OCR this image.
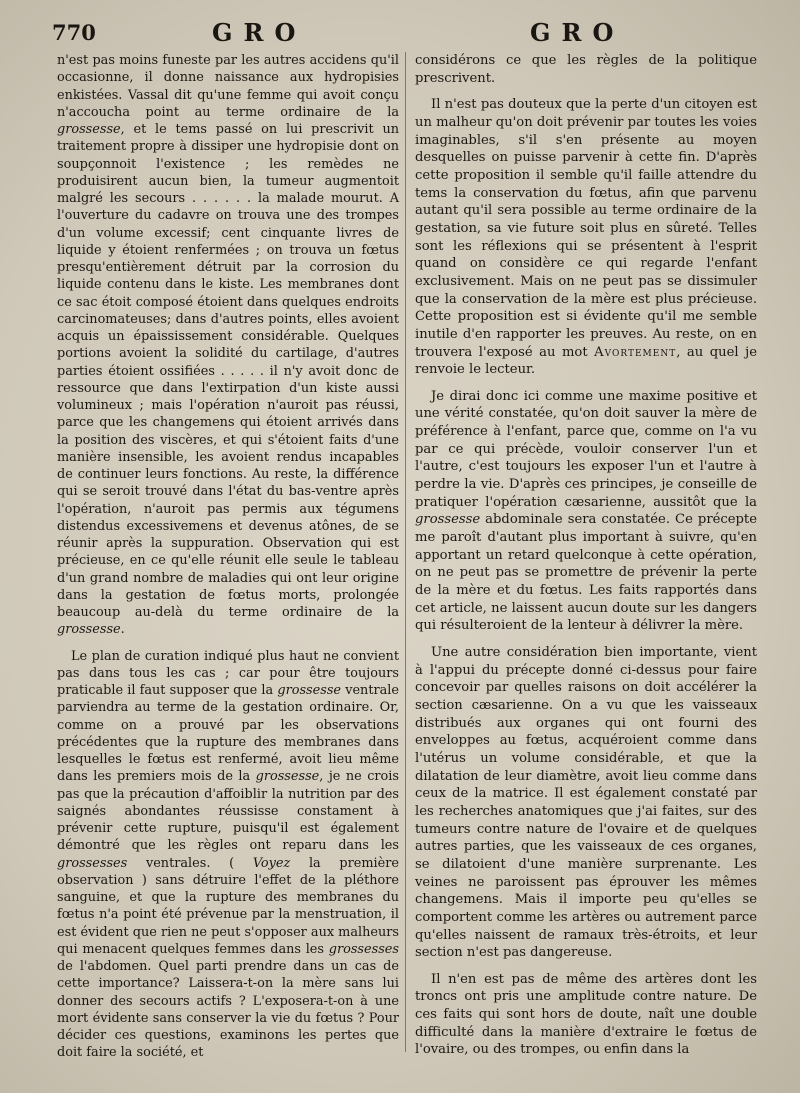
770	GRO	GRO

n'est pas moins funeste par les autres accidens qu'il occasionne, il donne naissance aux hydropisies enkistées. Vassal dit qu'une femme qui avoit conçu n'accoucha point au terme ordinaire de la grossesse, et le tems passé on lui prescrivit un traitement propre à dissiper une hydropisie dont on soupçonnoit l'existence ; les remèdes ne produisirent aucun bien, la tumeur augmentoit malgré les secours . . . . . . la malade mourut. A l'ouverture du cadavre on trouva une des trompes d'un volume excessif; cent cinquante livres de liquide y étoient renfermées ; on trouva un fœtus presqu'entièrement détruit par la corrosion du liquide contenu dans le kiste. Les membranes dont ce sac étoit composé étoient dans quelques endroits carcinomateuses; dans d'autres points, elles avoient acquis un épaississement considérable. Quelques portions avoient la solidité du cartilage, d'autres parties étoient ossifiées . . . . . il n'y avoit donc de ressource que dans l'extirpation d'un kiste aussi volumineux ; mais l'opération n'auroit pas réussi, parce que les changemens qui étoient arrivés dans la position des viscères, et qui s'étoient faits d'une manière insensible, les avoient rendus incapables de continuer leurs fonctions. Au reste, la différence qui se seroit trouvé dans l'état du bas-ventre après l'opération, n'auroit pas permis aux tégumens distendus excessivemens et devenus atônes, de se réunir après la suppuration. Observation qui est précieuse, en ce qu'elle réunit elle seule le tableau d'un grand nombre de maladies qui ont leur origine dans la gestation de fœtus morts, prolongée beaucoup au-delà du terme ordinaire de la grossesse.

Le plan de curation indiqué plus haut ne convient pas dans tous les cas ; car pour être toujours praticable il faut supposer que la grossesse ventrale parviendra au terme de la gestation ordinaire. Or, comme on a prouvé par les observations précédentes que la rupture des membranes dans lesquelles le fœtus est renfermé, avoit lieu même dans les premiers mois de la grossesse, je ne crois pas que la précaution d'affoiblir la nutrition par des saignés abondantes réussisse constament à prévenir cette rupture, puisqu'il est également démontré que les règles ont reparu dans les grossesses ventrales. ( Voyez la première observation ) sans détruire l'effet de la pléthore sanguine, et que la rupture des membranes du fœtus n'a point été prévenue par la menstruation, il est évident que rien ne peut s'opposer aux malheurs qui menacent quelques femmes dans les grossesses de l'abdomen. Quel parti prendre dans un cas de cette importance? Laissera-t-on la mère sans lui donner des secours actifs ? L'exposera-t-on à une mort évidente sans conserver la vie du fœtus ? Pour décider ces questions, examinons les pertes que doit faire la société, et

considérons ce que les règles de la politique prescrivent.

Il n'est pas douteux que la perte d'un citoyen est un malheur qu'on doit prévenir par toutes les voies imaginables, s'il s'en présente au moyen desquelles on puisse parvenir à cette fin. D'après cette proposition il semble qu'il faille attendre du tems la conservation du fœtus, afin que parvenu autant qu'il sera possible au terme ordinaire de la gestation, sa vie future soit plus en sûreté. Telles sont les réflexions qui se présentent à l'esprit quand on considère ce qui regarde l'enfant exclusivement. Mais on ne peut pas se dissimuler que la conservation de la mère est plus précieuse. Cette proposition est si évidente qu'il me semble inutile d'en rapporter les preuves. Au reste, on en trouvera l'exposé au mot Avortement, au quel je renvoie le lecteur.

Je dirai donc ici comme une maxime positive et une vérité constatée, qu'on doit sauver la mère de préférence à l'enfant, parce que, comme on l'a vu par ce qui précède, vouloir conserver l'un et l'autre, c'est toujours les exposer l'un et l'autre à perdre la vie. D'après ces principes, je conseille de pratiquer l'opération cæsarienne, aussitôt que la grossesse abdominale sera constatée. Ce précepte me paroît d'autant plus important à suivre, qu'en apportant un retard quelconque à cette opération, on ne peut pas se promettre de prévenir la perte de la mère et du fœtus. Les faits rapportés dans cet article, ne laissent aucun doute sur les dangers qui résulteroient de la lenteur à délivrer la mère.

Une autre considération bien importante, vient à l'appui du précepte donné ci-dessus pour faire concevoir par quelles raisons on doit accélérer la section cæsarienne. On a vu que les vaisseaux distribués aux organes qui ont fourni des enveloppes au fœtus, acquéroient comme dans l'utérus un volume considérable, et que la dilatation de leur diamètre, avoit lieu comme dans ceux de la matrice. Il est également constaté par les recherches anatomiques que j'ai faites, sur des tumeurs contre nature de l'ovaire et de quelques autres parties, que les vaisseaux de ces organes, se dilatoient d'une manière surprenante. Les veines ne paroissent pas éprouver les mêmes changemens. Mais il importe peu qu'elles se comportent comme les artères ou autrement parce qu'elles naissent de ramaux très-étroits, et leur section n'est pas dangereuse.

Il n'en est pas de même des artères dont les troncs ont pris une amplitude contre nature. De ces faits qui sont hors de doute, naît une double difficulté dans la manière d'extraire le fœtus de l'ovaire, ou des trompes, ou enfin dans la
